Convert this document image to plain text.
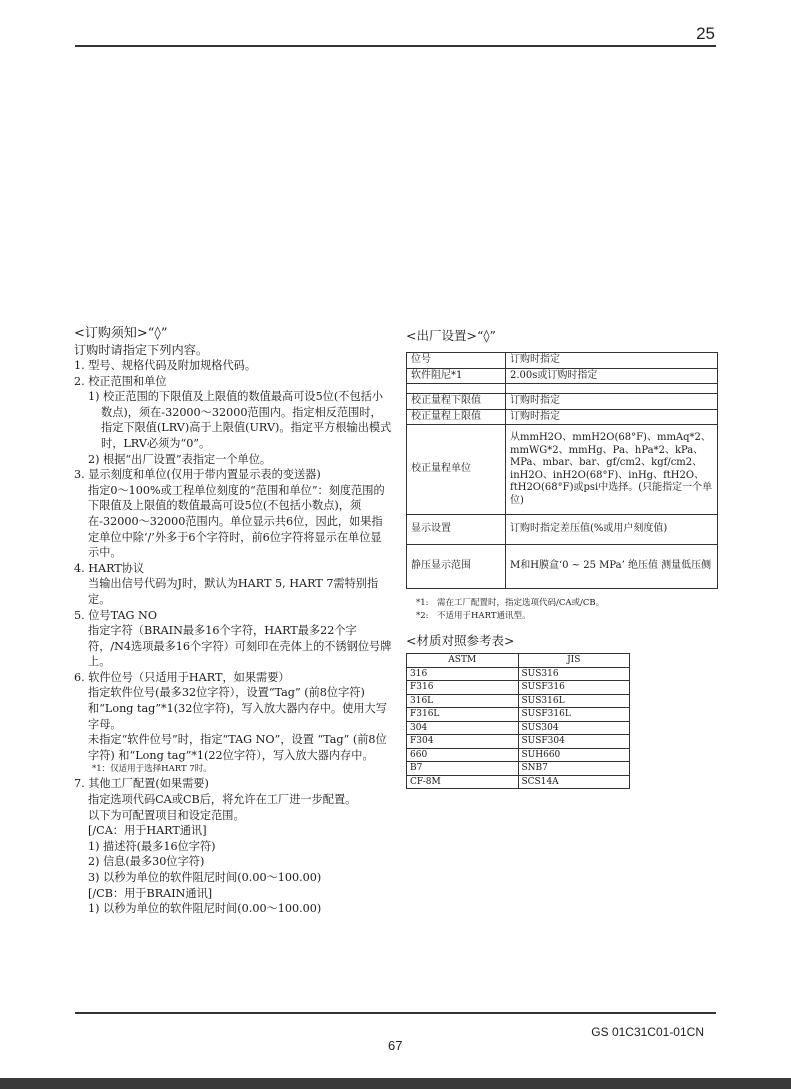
25

<订购须知>“◊”

订购时请指定下列内容。

1. 型号、规格代码及附加规格代码。

2. 校正范围和单位

1) 校正范围的下限值及上限值的数值最高可设5位(不包括小数点)，须在-32000～32000范围内。指定相反范围时，指定下限值(LRV)高于上限值(URV)。指定平方根输出模式时，LRV必须为“0”。

2) 根据“出厂设置”表指定一个单位。

3. 显示刻度和单位(仅用于带内置显示表的变送器)

指定0～100%或工程单位刻度的“范围和单位”：刻度范围的下限值及上限值的数值最高可设5位(不包括小数点)，须在-32000～32000范围内。单位显示共6位，因此，如果指定单位中除‘/’外多于6个字符时，前6位字符将显示在单位显示中。

4. HART协议

当输出信号代码为J时，默认为HART 5, HART 7需特别指定。

5. 位号TAG NO

指定字符（BRAIN最多16个字符，HART最多22个字符，/N4选项最多16个字符）可刻印在壳体上的不锈钢位号牌上。

6. 软件位号（只适用于HART，如果需要）

指定软件位号(最多32位字符），设置“Tag” (前8位字符)和“Long tag”*1(32位字符)，写入放大器内存中。使用大写字母。

未指定“软件位号”时，指定“TAG NO”，设置 “Tag” (前8位字符) 和“Long tag”*1(22位字符），写入放大器内存中。

*1：仅适用于选择HART 7时。

7. 其他工厂配置(如果需要)

指定选项代码CA或CB后，将允许在工厂进一步配置。

以下为可配置项目和设定范围。

[/CA：用于HART通讯]

1) 描述符(最多16位字符)

2) 信息(最多30位字符)

3) 以秒为单位的软件阻尼时间(0.00～100.00)

[/CB：用于BRAIN通讯]

1) 以秒为单位的软件阻尼时间(0.00～100.00)

<出厂设置>“◊”
位号	订购时指定
软件阻尼*1	2.00s或订购时指定

校正量程下限值	订购时指定
校正量程上限值	订购时指定
校正量程单位	从mmH2O、mmH2O(68°F)、mmAq*2、mmWG*2、mmHg、Pa、hPa*2、kPa、MPa、mbar、bar、gf/cm2、kgf/cm2、inH2O、inH2O(68°F)、inHg、ftH2O、ftH2O(68°F)或psi中选择。(只能指定一个单位)
显示设置	订购时指定差压值(%或用户刻度值)
静压显示范围	M和H膜盒‘0 ~ 25 MPa’ 绝压值 测量低压侧
*1:　需在工厂配置时，指定选项代码/CA或/CB。
*2:　不适用于HART通讯型。
<材质对照参考表>
ASTM	JIS
316	SUS316
F316	SUSF316
316L	SUS316L
F316L	SUSF316L
304	SUS304
F304	SUSF304
660	SUH660
B7	SNB7
CF-8M	SCS14A
GS 01C31C01-01CN
67
